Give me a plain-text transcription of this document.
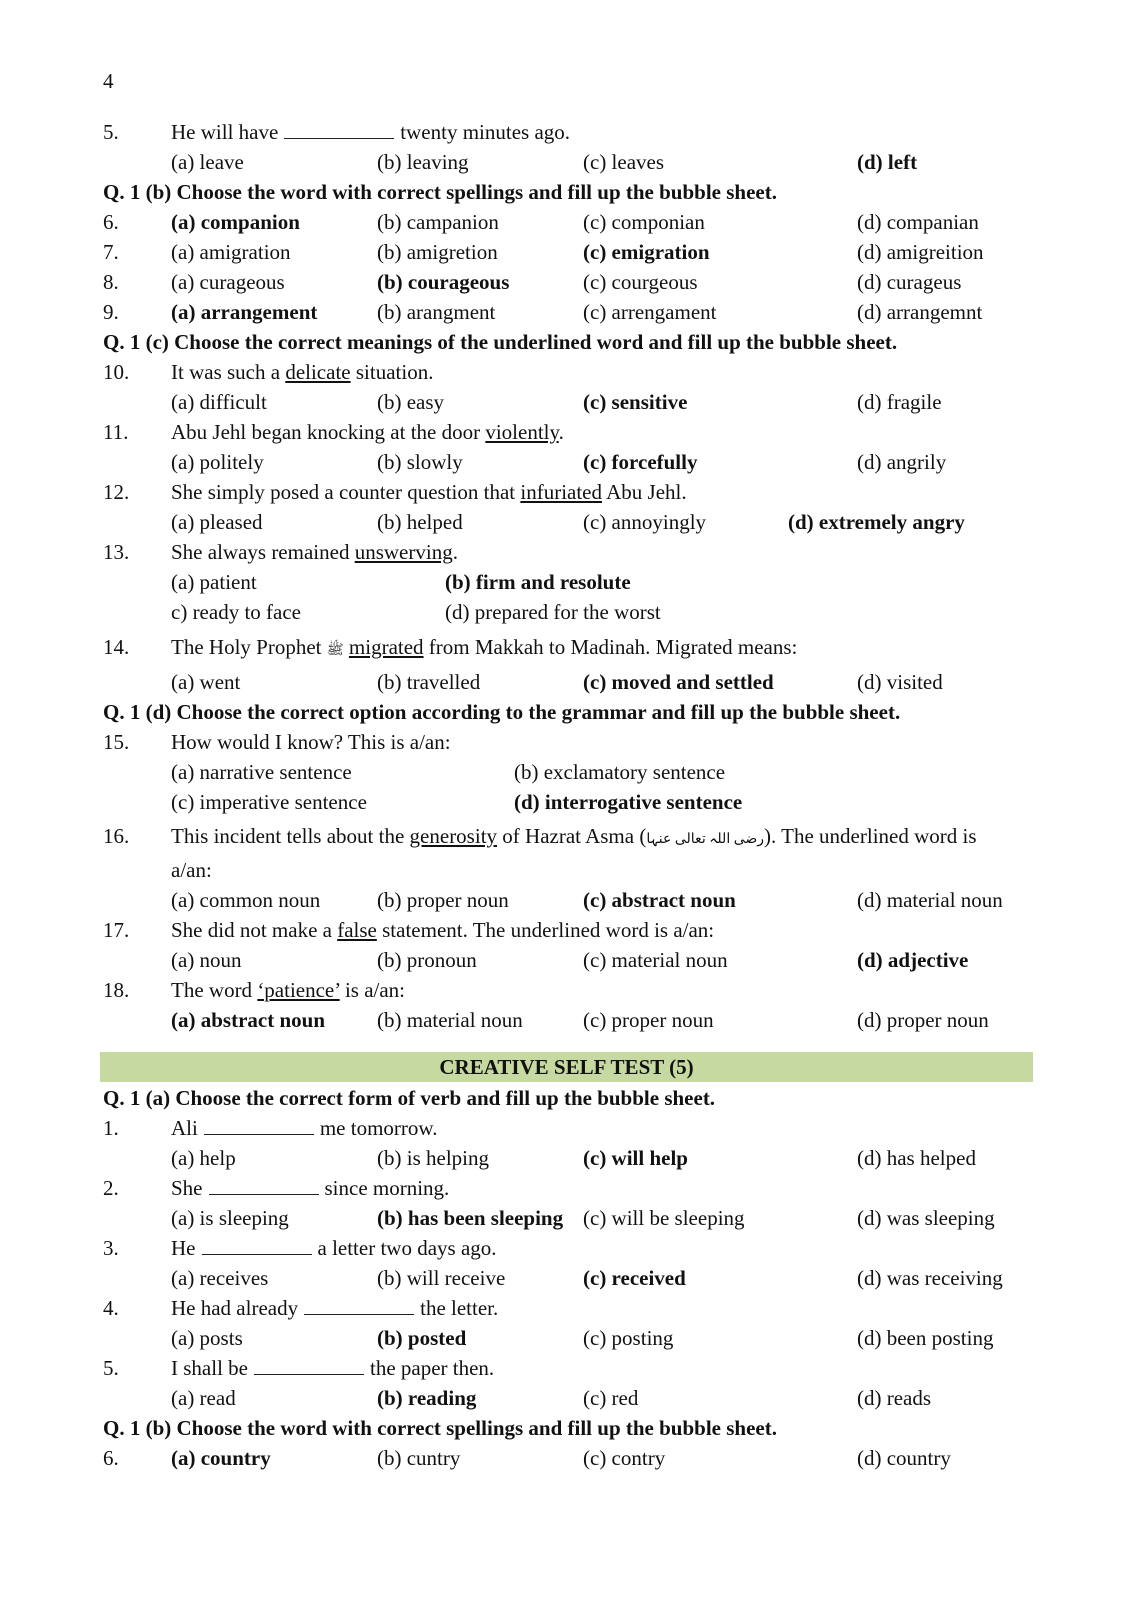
4
5. He will have	twenty minutes ago.
(a) leave	(b) leaving	(c) leaves	(d) left
Q. 1 (b) Choose the word with correct spellings and fill up the bubble sheet.
6. (a) companion	(b) campanion	(c) componian	(d) companian
7. (a) amigration	(b) amigretion	(c) emigration	(d) amigreition
8. (a) curageous	(b) courageous	(c) courgeous	(d) curageus
9. (a) arrangement	(b) arangment	(c) arrengament	(d) arrangemnt
Q. 1 (c) Choose the correct meanings of the underlined word and fill up the bubble sheet.
10. It was such a delicate situation.
(a) difficult	(b) easy	(c) sensitive	(d) fragile
11. Abu Jehl began knocking at the door violently.
(a) politely	(b) slowly	(c) forcefully	(d) angrily
12. She simply posed a counter question that infuriated Abu Jehl.
(a) pleased	(b) helped	(c) annoyingly	(d) extremely angry
13. She always remained unswerving.
(a) patient	(b) firm and resolute
c) ready to face	(d) prepared for the worst
14. The Holy Prophet ﷺ migrated from Makkah to Madinah. Migrated means:
(a) went	(b) travelled	(c) moved and settled	(d) visited
Q. 1 (d) Choose the correct option according to the grammar and fill up the bubble sheet.
15. How would I know? This is a/an:
(a) narrative sentence	(b) exclamatory sentence
(c) imperative sentence	(d) interrogative sentence
16. This incident tells about the generosity of Hazrat Asma (رضی اللہ تعالی عنہا). The underlined word is
a/an:
(a) common noun	(b) proper noun	(c) abstract noun	(d) material noun
17. She did not make a false statement. The underlined word is a/an:
(a) noun	(b) pronoun	(c) material noun	(d) adjective
18. The word ‘patience’ is a/an:
(a) abstract noun (b) material noun	(c) proper noun	(d) proper noun
CREATIVE SELF TEST (5)
Q. 1 (a) Choose the correct form of verb and fill up the bubble sheet.
1. Ali	me tomorrow.
(a) help	(b) is helping	(c) will help	(d) has helped
2. She	since morning.
(a) is sleeping	(b) has been sleeping (c) will be sleeping	(d) was sleeping
3. He	a letter two days ago.
(a) receives	(b) will receive	(c) received	(d) was receiving
4. He had already	the letter.
(a) posts	(b) posted	(c) posting	(d) been posting
5. I shall be	the paper then.
(a) read	(b) reading	(c) red	(d) reads
Q. 1 (b) Choose the word with correct spellings and fill up the bubble sheet.
6. (a) country	(b) cuntry	(c) contry	(d) country
